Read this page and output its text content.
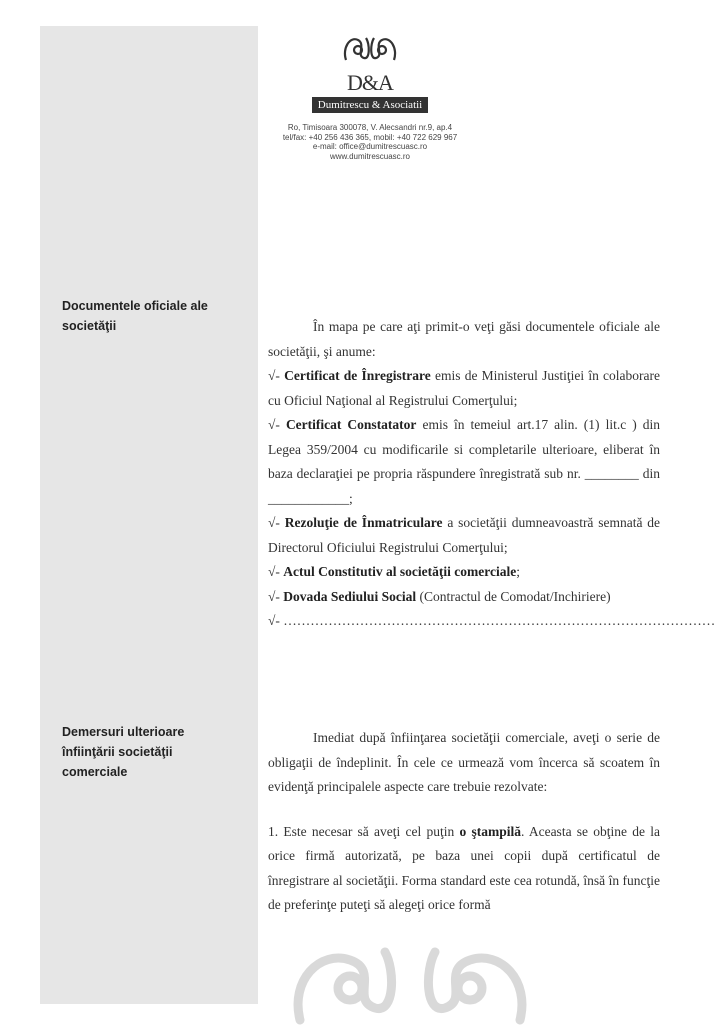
D&A
Dumitrescu & Asociatii
Ro, Timisoara 300078, V. Alecsandri nr.9, ap.4
tel/fax: +40 256 436 365, mobil: +40 722 629 967
e-mail: office@dumitrescuasc.ro
www.dumitrescuasc.ro
Documentele oficiale ale
societăţii	În mapa pe care aţi primit-o veţi găsi documentele oficiale ale societăţii, şi anume:

√- Certificat de Înregistrare emis de Ministerul Justiţiei în colaborare cu Oficiul Naţional al Registrului Comerţului;

√- Certificat Constatator emis în temeiul art.17 alin. (1) lit.c ) din Legea 359/2004 cu modificarile si completarile ulterioare, eliberat în baza declaraţiei pe propria răspundere înregistrată sub nr. ________ din ____________;

√- Rezoluţie de Înmatriculare a societăţii dumneavoastră semnată de Directorul Oficiului Registrului Comerţului;

√- Actul Constitutiv al societăţii comerciale;

√- Dovada Sediului Social (Contractul de Comodat/Inchiriere)

√- ……………………………………………………………………………………

Demersuri ulterioare
înfiinţării societăţii
comerciale

Imediat după înfiinţarea societăţii comerciale, aveţi o serie de obligaţii de îndeplinit. În cele ce urmează vom încerca să scoatem în evidenţă principalele aspecte care trebuie rezolvate:

1. Este necesar să aveţi cel puţin o ştampilă. Aceasta se obţine de la orice firmă autorizată, pe baza unei copii după certificatul de înregistrare al societăţii. Forma standard este cea rotundă, însă în funcţie de preferinţe puteţi să alegeţi orice formă
